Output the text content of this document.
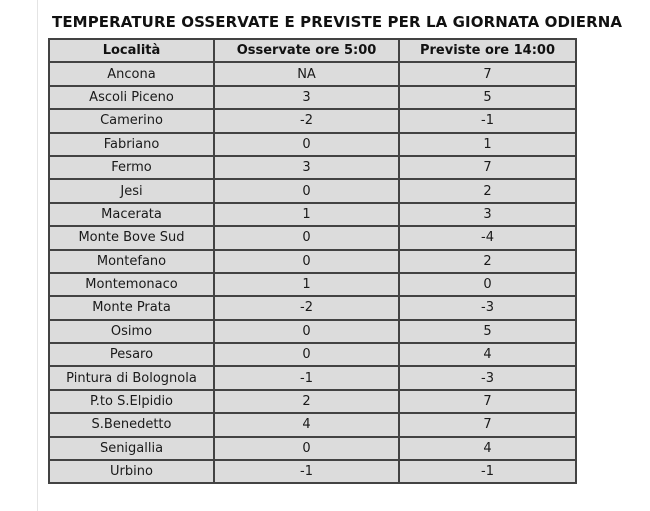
TEMPERATURE OSSERVATE E PREVISTE PER LA GIORNATA ODIERNA
Località	Osservate ore 5:00	Previste ore 14:00
Ancona	NA	7
Ascoli Piceno	3	5
Camerino	-2	-1
Fabriano	0	1
Fermo	3	7
Jesi	0	2
Macerata	1	3
Monte Bove Sud	0	-4
Montefano	0	2
Montemonaco	1	0
Monte Prata	-2	-3
Osimo	0	5
Pesaro	0	4
Pintura di Bolognola	-1	-3
P.to S.Elpidio	2	7
S.Benedetto	4	7
Senigallia	0	4
Urbino	-1	-1
